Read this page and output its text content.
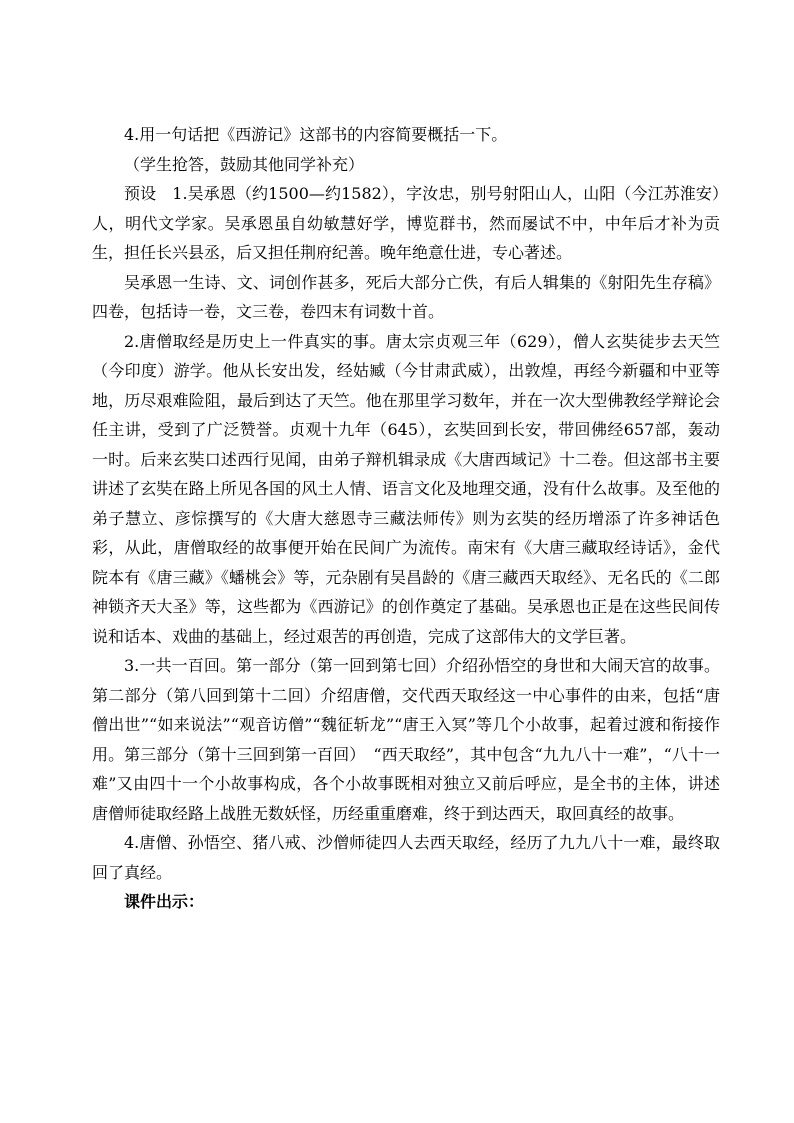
4.用一句话把《西游记》这部书的内容简要概括一下。

（学生抢答，鼓励其他同学补充）

预设　1.吴承恩（约1500—约1582），字汝忠，别号射阳山人，山阳（今江苏淮安）人，明代文学家。吴承恩虽自幼敏慧好学，博览群书，然而屡试不中，中年后才补为贡生，担任长兴县丞，后又担任荆府纪善。晚年绝意仕进，专心著述。

吴承恩一生诗、文、词创作甚多，死后大部分亡佚，有后人辑集的《射阳先生存稿》四卷，包括诗一卷，文三卷，卷四末有词数十首。

2.唐僧取经是历史上一件真实的事。唐太宗贞观三年（629），僧人玄奘徒步去天竺（今印度）游学。他从长安出发，经姑臧（今甘肃武威），出敦煌，再经今新疆和中亚等地，历尽艰难险阻，最后到达了天竺。他在那里学习数年，并在一次大型佛教经学辩论会任主讲，受到了广泛赞誉。贞观十九年（645），玄奘回到长安，带回佛经657部，轰动一时。后来玄奘口述西行见闻，由弟子辩机辑录成《大唐西域记》十二卷。但这部书主要讲述了玄奘在路上所见各国的风土人情、语言文化及地理交通，没有什么故事。及至他的弟子慧立、彦悰撰写的《大唐大慈恩寺三藏法师传》则为玄奘的经历增添了许多神话色彩，从此，唐僧取经的故事便开始在民间广为流传。南宋有《大唐三藏取经诗话》，金代院本有《唐三藏》《蟠桃会》等，元杂剧有吴昌龄的《唐三藏西天取经》、无名氏的《二郎神锁齐天大圣》等，这些都为《西游记》的创作奠定了基础。吴承恩也正是在这些民间传说和话本、戏曲的基础上，经过艰苦的再创造，完成了这部伟大的文学巨著。

3.一共一百回。第一部分（第一回到第七回）介绍孙悟空的身世和大闹天宫的故事。第二部分（第八回到第十二回）介绍唐僧，交代西天取经这一中心事件的由来，包括“唐僧出世”“如来说法”“观音访僧”“魏征斩龙”“唐王入冥”等几个小故事，起着过渡和衔接作用。第三部分（第十三回到第一百回）　“西天取经”，其中包含“九九八十一难”，“八十一难”又由四十一个小故事构成，各个小故事既相对独立又前后呼应，是全书的主体，讲述唐僧师徒取经路上战胜无数妖怪，历经重重磨难，终于到达西天，取回真经的故事。

4.唐僧、孙悟空、猪八戒、沙僧师徒四人去西天取经，经历了九九八十一难，最终取回了真经。

课件出示：
